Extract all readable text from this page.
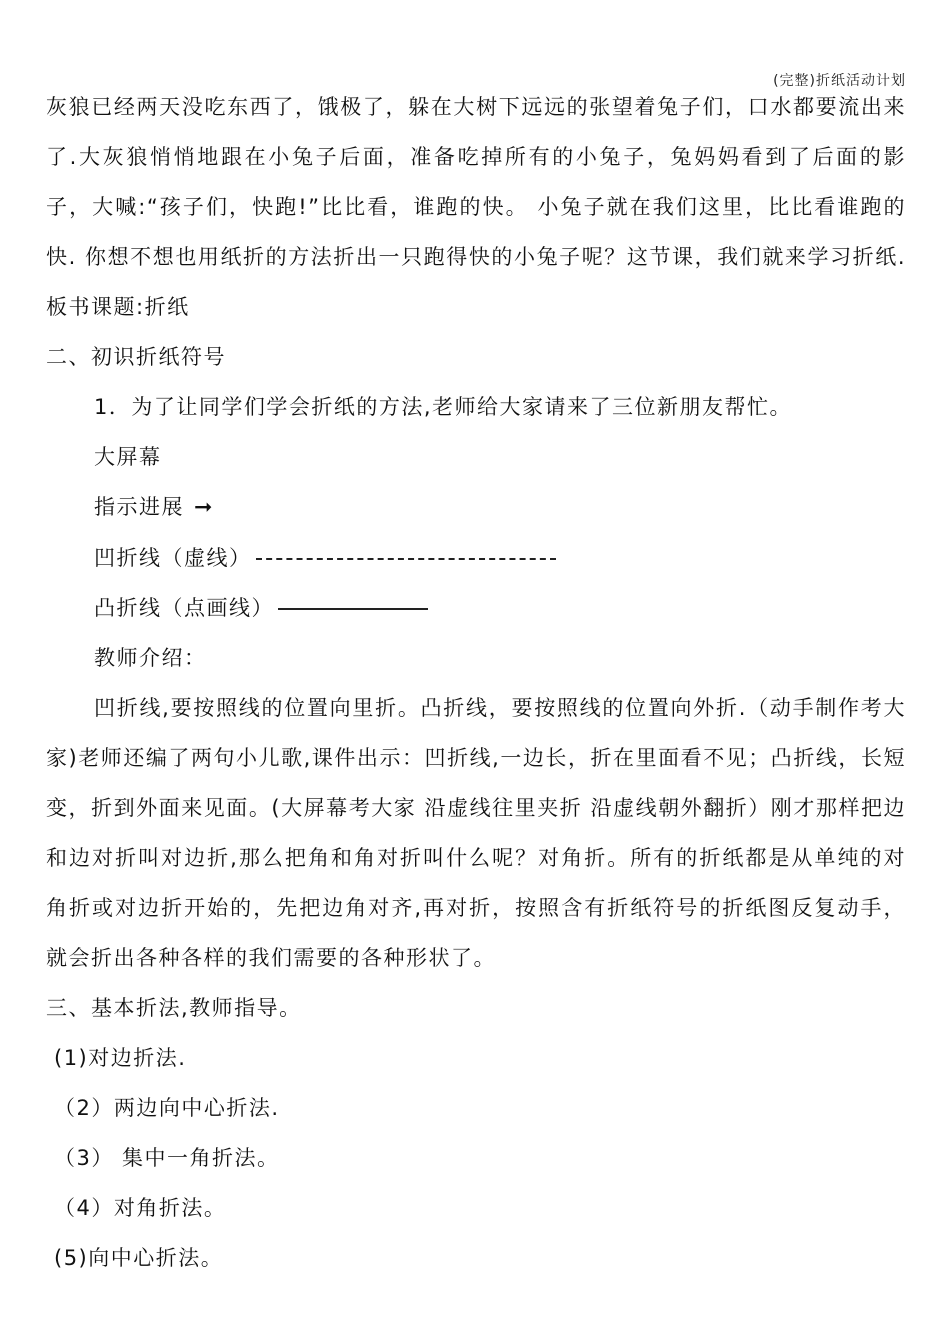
(完整)折纸活动计划

灰狼已经两天没吃东西了，饿极了，躲在大树下远远的张望着兔子们，口水都要流出来了.大灰狼悄悄地跟在小兔子后面，准备吃掉所有的小兔子，兔妈妈看到了后面的影子，大喊:“孩子们，快跑!”比比看，谁跑的快。 小兔子就在我们这里，比比看谁跑的快. 你想不想也用纸折的方法折出一只跑得快的小兔子呢？这节课，我们就来学习折纸.板书课题:折纸

二、初识折纸符号

1．为了让同学们学会折纸的方法,老师给大家请来了三位新朋友帮忙。

大屏幕

指示进展 ➞

凹折线（虚线）

凸折线（点画线）

教师介绍：

凹折线,要按照线的位置向里折。凸折线，要按照线的位置向外折.（动手制作考大家)老师还编了两句小儿歌,课件出示：凹折线,一边长，折在里面看不见；凸折线，长短变，折到外面来见面。(大屏幕考大家 沿虚线往里夹折 沿虚线朝外翻折）刚才那样把边和边对折叫对边折,那么把角和角对折叫什么呢？对角折。所有的折纸都是从单纯的对角折或对边折开始的，先把边角对齐,再对折，按照含有折纸符号的折纸图反复动手，就会折出各种各样的我们需要的各种形状了。

三、基本折法,教师指导。

(1)对边折法.

（2）两边向中心折法.

（3） 集中一角折法。

（4）对角折法。

(5)向中心折法。
